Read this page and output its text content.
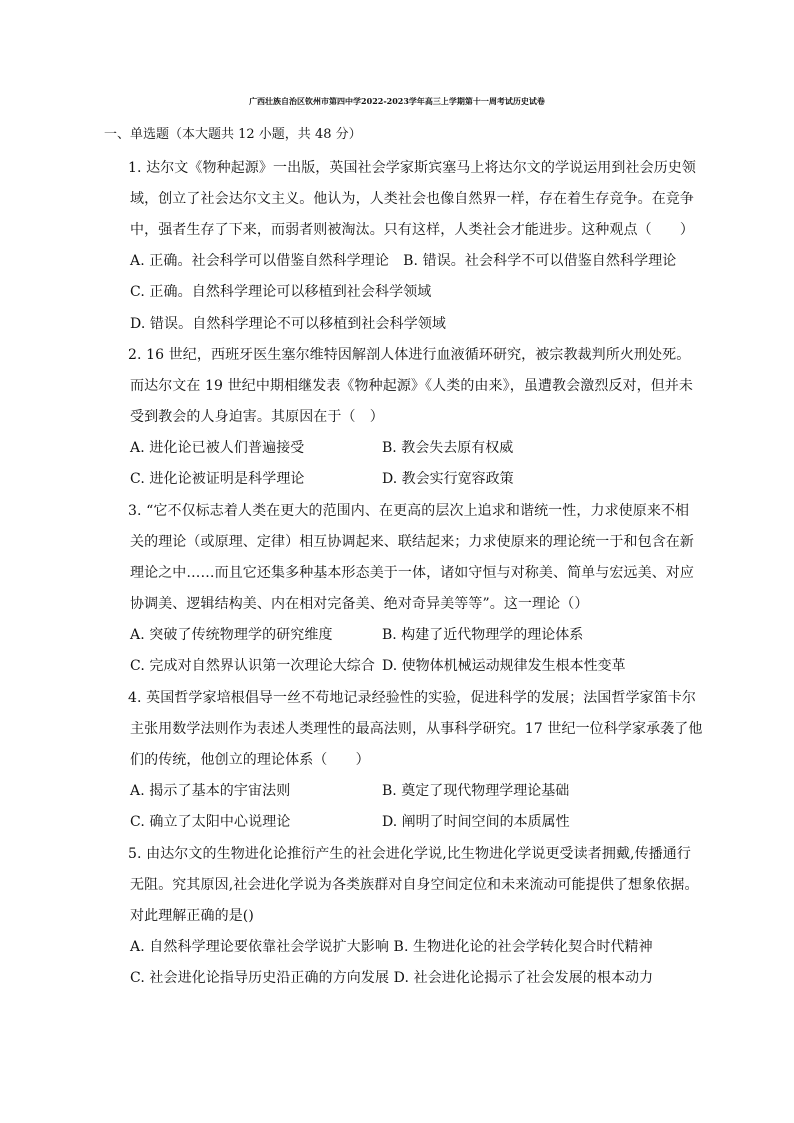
广西壮族自治区钦州市第四中学2022-2023学年高三上学期第十一周考试历史试卷
一、单选题（本大题共 12 小题，共 48 分）
1. 达尔文《物种起源》一出版，英国社会学家斯宾塞马上将达尔文的学说运用到社会历史领
域，创立了社会达尔文主义。他认为，人类社会也像自然界一样，存在着生存竞争。在竞争
中，强者生存了下来，而弱者则被淘汰。只有这样，人类社会才能进步。这种观点（　　）
A. 正确。社会科学可以借鉴自然科学理论　B. 错误。社会科学不可以借鉴自然科学理论
C. 正确。自然科学理论可以移植到社会科学领域
D. 错误。自然科学理论不可以移植到社会科学领域
2. 16 世纪，西班牙医生塞尔维特因解剖人体进行血液循环研究，被宗教裁判所火刑处死。
而达尔文在 19 世纪中期相继发表《物种起源》《人类的由来》，虽遭教会激烈反对，但并未
受到教会的人身迫害。其原因在于（　）
A. 进化论已被人们普遍接受	B. 教会失去原有权威
C. 进化论被证明是科学理论	D. 教会实行宽容政策
3. “它不仅标志着人类在更大的范围内、在更高的层次上追求和谐统一性，力求使原来不相
关的理论（或原理、定律）相互协调起来、联结起来；力求使原来的理论统一于和包含在新
理论之中……而且它还集多种基本形态美于一体，诸如守恒与对称美、简单与宏远美、对应
协调美、逻辑结构美、内在相对完备美、绝对奇异美等等”。这一理论（）
A. 突破了传统物理学的研究维度	B. 构建了近代物理学的理论体系
C. 完成对自然界认识第一次理论大综合 D. 使物体机械运动规律发生根本性变革
4. 英国哲学家培根倡导一丝不苟地记录经验性的实验，促进科学的发展；法国哲学家笛卡尔
主张用数学法则作为表述人类理性的最高法则，从事科学研究。17 世纪一位科学家承袭了他
们的传统，他创立的理论体系（　　）
A. 揭示了基本的宇宙法则	B. 奠定了现代物理学理论基础
C. 确立了太阳中心说理论	D. 阐明了时间空间的本质属性
5. 由达尔文的生物进化论推衍产生的社会进化学说,比生物进化学说更受读者拥戴,传播通行
无阻。究其原因,社会进化学说为各类族群对自身空间定位和未来流动可能提供了想象依据。
对此理解正确的是()
A. 自然科学理论要依靠社会学说扩大影响 B. 生物进化论的社会学转化契合时代精神
C. 社会进化论指导历史沿正确的方向发展 D. 社会进化论揭示了社会发展的根本动力
